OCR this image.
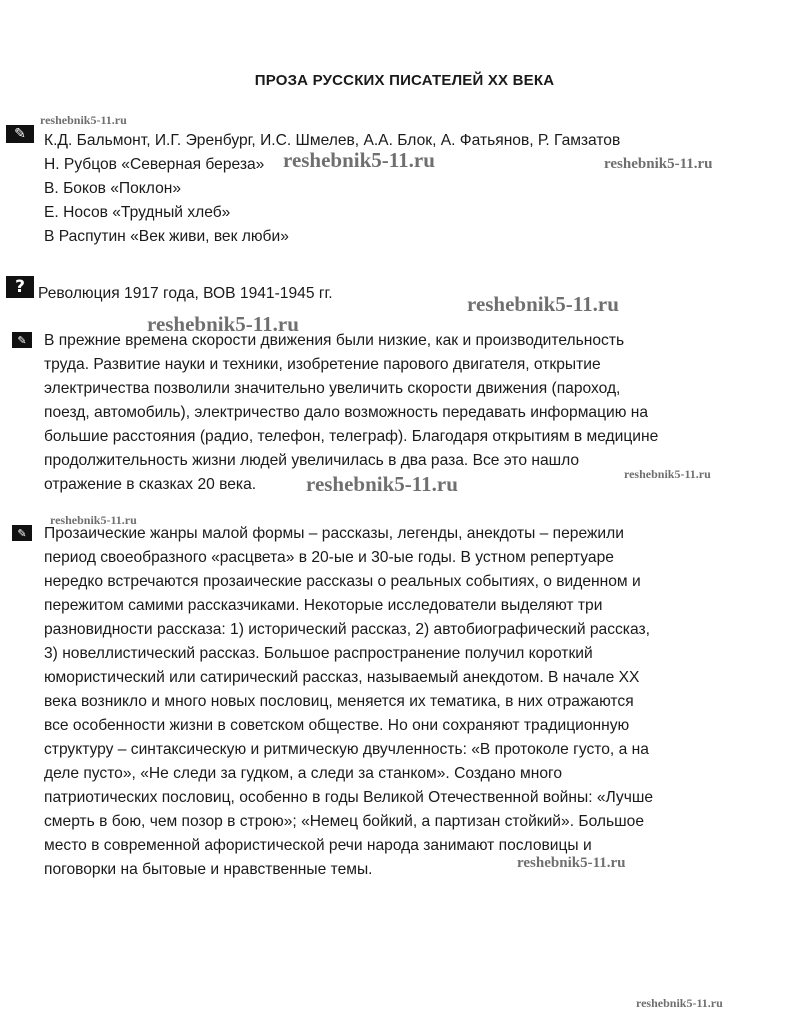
ПРОЗА РУССКИХ ПИСАТЕЛЕЙ XX ВЕКА
✎	К.Д. Бальмонт, И.Г. Эренбург, И.С. Шмелев, А.А. Блок, А. Фатьянов, Р. Гамзатов

Н. Рубцов «Северная береза»

В. Боков «Поклон»

Е. Носов «Трудный хлеб»

В Распутин «Век живи, век люби»

? Революция 1917 года, ВОВ 1941-1945 гг.

✎	В прежние времена скорости движения были низкие, как и производительность

труда. Развитие науки и техники, изобретение парового двигателя, открытие

электричества позволили значительно увеличить скорости движения (пароход,

поезд, автомобиль), электричество дало возможность передавать информацию на

большие расстояния (радио, телефон, телеграф). Благодаря открытиям в медицине

продолжительность жизни людей увеличилась в два раза. Все это нашло

отражение в сказках 20 века.

✎	Прозаические жанры малой формы – рассказы, легенды, анекдоты – пережили

период своеобразного «расцвета» в 20-ые и 30-ые годы. В устном репертуаре

нередко встречаются прозаические рассказы о реальных событиях, о виденном и

пережитом самими рассказчиками. Некоторые исследователи выделяют три

разновидности рассказа: 1) исторический рассказ, 2) автобиографический рассказ,

3) новеллистический рассказ. Большое распространение получил короткий

юмористический или сатирический рассказ, называемый анекдотом. В начале XX

века возникло и много новых пословиц, меняется их тематика, в них отражаются

все особенности жизни в советском обществе. Но они сохраняют традиционную

структуру – синтаксическую и ритмическую двучленность: «В протоколе густо, а на

деле пусто», «Не следи за гудком, а следи за станком». Создано много

патриотических пословиц, особенно в годы Великой Отечественной войны: «Лучше

смерть в бою, чем позор в строю»; «Немец бойкий, а партизан стойкий». Большое

место в современной афористической речи народа занимают пословицы и

поговорки на бытовые и нравственные темы.

reshebnik5-11.ru
reshebnik5-11.ru	reshebnik5-11.ru
reshebnik5-11.ru
reshebnik5-11.ru
reshebnik5-11.ru
reshebnik5-11.ru
reshebnik5-11.ru
reshebnik5-11.ru
reshebnik5-11.ru
